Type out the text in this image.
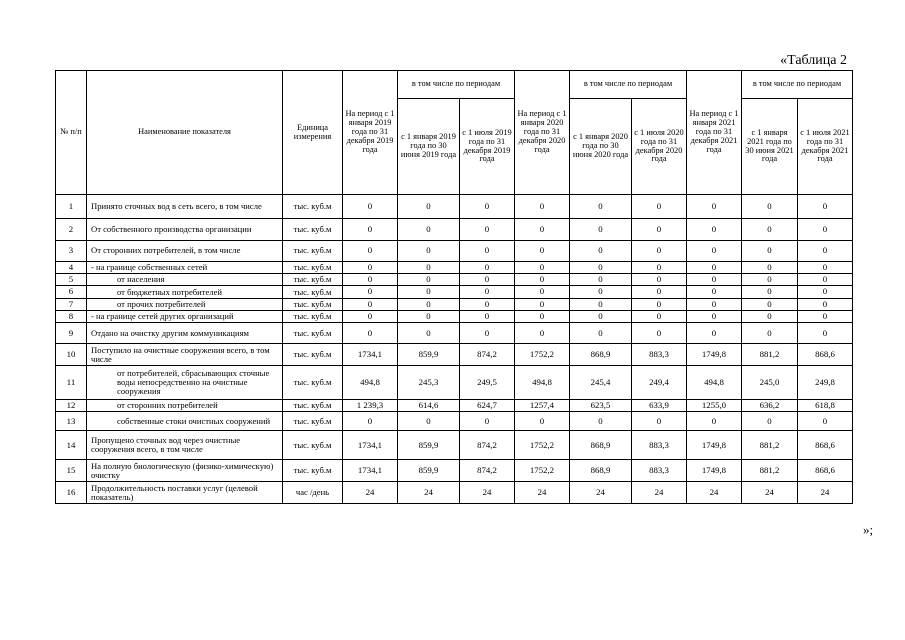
«Таблица 2
№ п/п	Наименование показателя	Единица измерения	На период с 1 января 2019 года по 31 декабря 2019 года	в том числе по периодам		На период с 1 января 2020 года по 31 декабря 2020 года	в том числе по периодам		На период с 1 января 2021 года по 31 декабря 2021 года	в том числе по периодам	
				с 1 января 2019 года по 30 июня 2019 года	с 1 июля 2019 года по 31 декабря 2019 года		с 1 января 2020 года по 30 июня 2020 года	с 1 июля 2020 года по 31 декабря 2020 года		с 1 января 2021 года по 30 июня 2021 года	с 1 июля 2021 года по 31 декабря 2021 года
1	Принято сточных вод в сеть всего, в том числе	тыс. куб.м	0	0	0	0	0	0	0	0	0
2	От собственного производства организации	тыс. куб.м	0	0	0	0	0	0	0	0	0
3	От сторонних потребителей, в том числе	тыс. куб.м	0	0	0	0	0	0	0	0	0
4	- на границе собственных сетей	тыс. куб.м	0	0	0	0	0	0	0	0	0
5	от населения	тыс. куб.м	0	0	0	0	0	0	0	0	0
6	от бюджетных потребителей	тыс. куб.м	0	0	0	0	0	0	0	0	0
7	от прочих потребителей	тыс. куб.м	0	0	0	0	0	0	0	0	0
8	- на границе сетей других организаций	тыс. куб.м	0	0	0	0	0	0	0	0	0
9	Отдано на очистку другим коммуникациям	тыс. куб.м	0	0	0	0	0	0	0	0	0
10	Поступило на очистные сооружения всего, в том числе	тыс. куб.м	1734,1	859,9	874,2	1752,2	868,9	883,3	1749,8	881,2	868,6
11	от потребителей, сбрасывающих сточные воды непосредственно на очистные сооружения	тыс. куб.м	494,8	245,3	249,5	494,8	245,4	249,4	494,8	245,0	249,8
12	от сторонних потребителей	тыс. куб.м	1 239,3	614,6	624,7	1257,4	623,5	633,9	1255,0	636,2	618,8
13	собственные стоки очистных сооружений	тыс. куб.м	0	0	0	0	0	0	0	0	0
14	Пропущено сточных вод через очистные сооружения всего, в том числе	тыс. куб.м	1734,1	859,9	874,2	1752,2	868,9	883,3	1749,8	881,2	868,6
15	На полную биологическую (физико-химическую) очистку	тыс. куб.м	1734,1	859,9	874,2	1752,2	868,9	883,3	1749,8	881,2	868,6
16	Продолжительность поставки услуг (целевой показатель)	час /день	24	24	24	24	24	24	24	24	24
»;
